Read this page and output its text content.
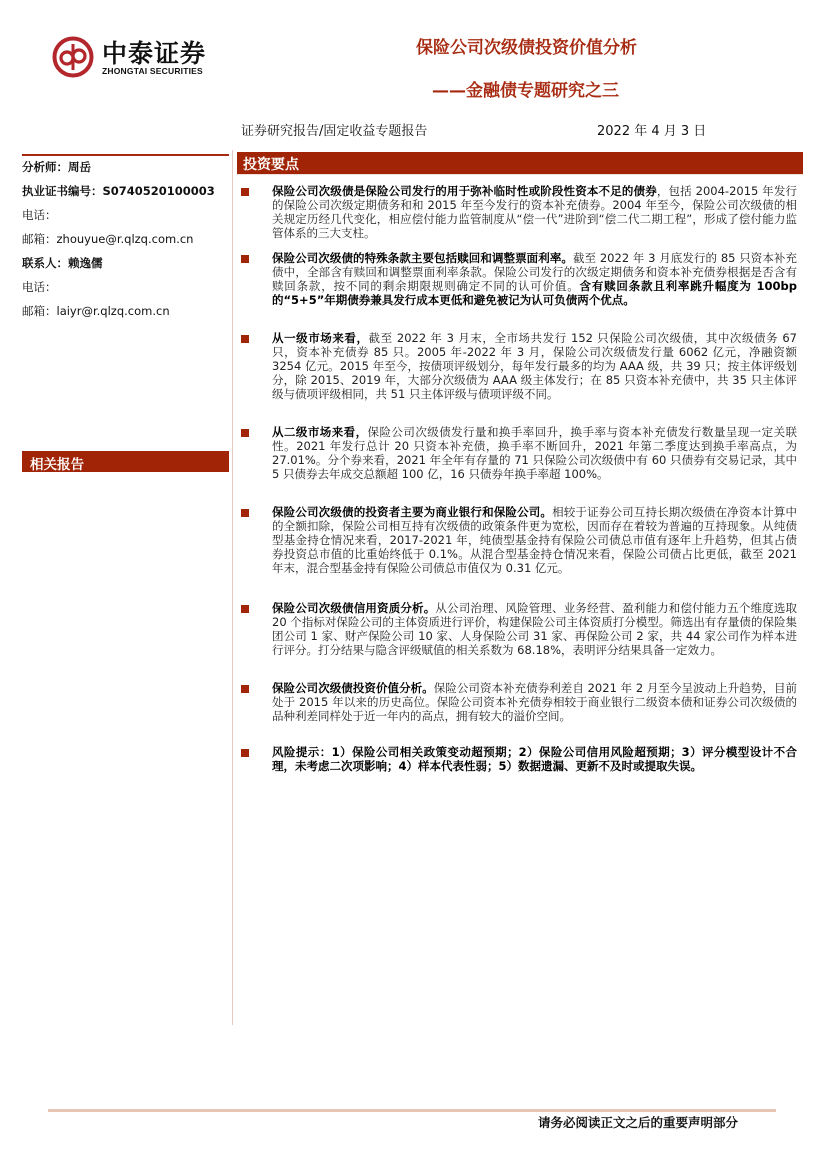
中泰证券
ZHONGTAI SECURITIES
保险公司次级债投资价值分析
——金融债专题研究之三
证券研究报告/固定收益专题报告	2022 年 4 月 3 日
分析师：周岳
执业证书编号：S0740520100003
电话：
邮箱：zhouyue@r.qlzq.com.cn
联系人：赖逸儒
电话：
邮箱：laiyr@r.qlzq.com.cn
相关报告
投资要点
保险公司次级债是保险公司发行的用于弥补临时性或阶段性资本不足的债券，包括 2004-2015 年发行的保险公司次级定期债务和和 2015 年至今发行的资本补充债券。2004 年至今，保险公司次级债的相关规定历经几代变化，相应偿付能力监管制度从“偿一代”进阶到“偿二代二期工程”，形成了偿付能力监管体系的三大支柱。
保险公司次级债的特殊条款主要包括赎回和调整票面利率。截至 2022 年 3 月底发行的 85 只资本补充债中，全部含有赎回和调整票面利率条款。保险公司发行的次级定期债务和资本补充债券根据是否含有赎回条款，按不同的剩余期限规则确定不同的认可价值。含有赎回条款且利率跳升幅度为 100bp 的“5+5”年期债券兼具发行成本更低和避免被记为认可负债两个优点。
从一级市场来看，截至 2022 年 3 月末，全市场共发行 152 只保险公司次级债，其中次级债务 67 只，资本补充债券 85 只。2005 年-2022 年 3 月，保险公司次级债发行量 6062 亿元，净融资额 3254 亿元。2015 年至今，按债项评级划分，每年发行最多的均为 AAA 级，共 39 只；按主体评级划分，除 2015、2019 年，大部分次级债为 AAA 级主体发行；在 85 只资本补充债中，共 35 只主体评级与债项评级相同，共 51 只主体评级与债项评级不同。
从二级市场来看，保险公司次级债发行量和换手率回升，换手率与资本补充债发行数量呈现一定关联性。2021 年发行总计 20 只资本补充债，换手率不断回升，2021 年第二季度达到换手率高点，为 27.01%。分个券来看，2021 年全年有存量的 71 只保险公司次级债中有 60 只债券有交易记录，其中 5 只债券去年成交总额超 100 亿，16 只债券年换手率超 100%。
保险公司次级债的投资者主要为商业银行和保险公司。相较于证券公司互持长期次级债在净资本计算中的全额扣除，保险公司相互持有次级债的政策条件更为宽松，因而存在着较为普遍的互持现象。从纯债型基金持仓情况来看，2017-2021 年，纯债型基金持有保险公司债总市值有逐年上升趋势，但其占债券投资总市值的比重始终低于 0.1%。从混合型基金持仓情况来看，保险公司债占比更低，截至 2021 年末，混合型基金持有保险公司债总市值仅为 0.31 亿元。
保险公司次级债信用资质分析。从公司治理、风险管理、业务经营、盈利能力和偿付能力五个维度选取 20 个指标对保险公司的主体资质进行评价，构建保险公司主体资质打分模型。筛选出有存量债的保险集团公司 1 家、财产保险公司 10 家、人身保险公司 31 家、再保险公司 2 家，共 44 家公司作为样本进行评分。打分结果与隐含评级赋值的相关系数为 68.18%，表明评分结果具备一定效力。
保险公司次级债投资价值分析。保险公司资本补充债券利差自 2021 年 2 月至今呈波动上升趋势，目前处于 2015 年以来的历史高位。保险公司资本补充债券相较于商业银行二级资本债和证券公司次级债的品种利差同样处于近一年内的高点，拥有较大的溢价空间。
风险提示：1）保险公司相关政策变动超预期；2）保险公司信用风险超预期；3）评分模型设计不合理，未考虑二次项影响；4）样本代表性弱；5）数据遗漏、更新不及时或提取失误。
请务必阅读正文之后的重要声明部分
